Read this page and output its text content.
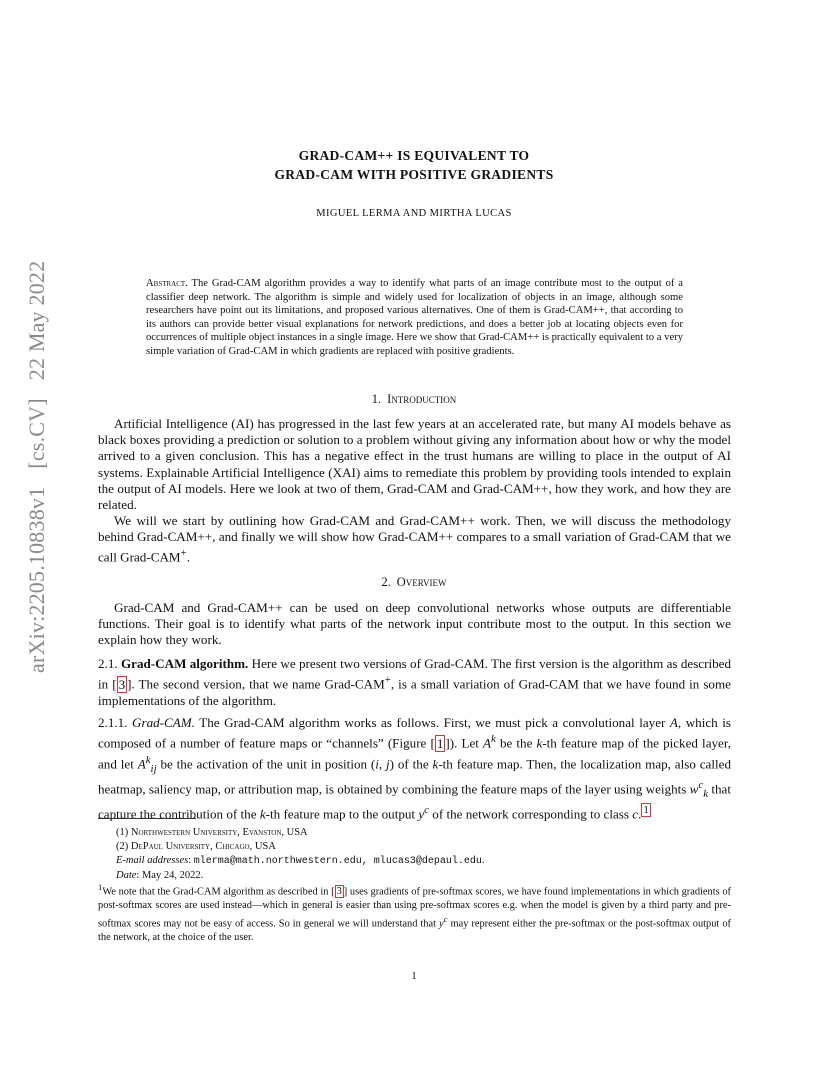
arXiv:2205.10838v1[cs.CV]22 May 2022
GRAD-CAM++ IS EQUIVALENT TO
GRAD-CAM WITH POSITIVE GRADIENTS
MIGUEL LERMA AND MIRTHA LUCAS
Abstract. The Grad-CAM algorithm provides a way to identify what parts of an image contribute most to the output of a classifier deep network. The algorithm is simple and widely used for localization of objects in an image, although some researchers have point out its limitations, and proposed various alternatives. One of them is Grad-CAM++, that according to its authors can provide better visual explanations for network predictions, and does a better job at locating objects even for occurrences of multiple object instances in a single image. Here we show that Grad-CAM++ is practically equivalent to a very simple variation of Grad-CAM in which gradients are replaced with positive gradients.
1. Introduction
Artificial Intelligence (AI) has progressed in the last few years at an accelerated rate, but many AI models behave as black boxes providing a prediction or solution to a problem without giving any information about how or why the model arrived to a given conclusion. This has a negative effect in the trust humans are willing to place in the output of AI systems. Explainable Artificial Intelligence (XAI) aims to remediate this problem by providing tools intended to explain the output of AI models. Here we look at two of them, Grad-CAM and Grad-CAM++, how they work, and how they are related.
We will we start by outlining how Grad-CAM and Grad-CAM++ work. Then, we will discuss the methodology behind Grad-CAM++, and finally we will show how Grad-CAM++ compares to a small variation of Grad-CAM that we call Grad-CAM+.
2. Overview
Grad-CAM and Grad-CAM++ can be used on deep convolutional networks whose outputs are differentiable functions. Their goal is to identify what parts of the network input contribute most to the output. In this section we explain how they work.
2.1. Grad-CAM algorithm. Here we present two versions of Grad-CAM. The first version is the algorithm as described in [ 3 ]. The second version, that we name Grad-CAM+, is a small variation of Grad-CAM that we have found in some implementations of the algorithm.
2.1.1. Grad-CAM. The Grad-CAM algorithm works as follows. First, we must pick a convolutional layer A, which is composed of a number of feature maps or “channels” (Figure [ 1 ]). Let $A^k$ be the k-th feature map of the picked layer, and let $A^k_{ij}$ be the activation of the unit in position (i, j) of the k-th feature map. Then, the localization map, also called heatmap, saliency map, or attribution map, is obtained by combining the feature maps of the layer using weights $w^c_k$ that capture the contribution of the k-th feature map to the output $y^c$ of the network corresponding to class c. $^1$
(1) Northwestern University, Evanston, USA
(2) DePaul University, Chicago, USA
E-mail addresses: mlerma@math.northwestern.edu, mlucas3@depaul.edu.
Date: May 24, 2022.
$^1$We note that the Grad-CAM algorithm as described in [ 3 ] uses gradients of pre-softmax scores, we have found implementations in which gradients of post-softmax scores are used instead—which in general is easier than using pre-softmax scores e.g. when the model is given by a third party and pre-softmax scores may not be easy of access. So in general we will understand that $y^c$ may represent either the pre-softmax or the post-softmax output of the network, at the choice of the user.
1
